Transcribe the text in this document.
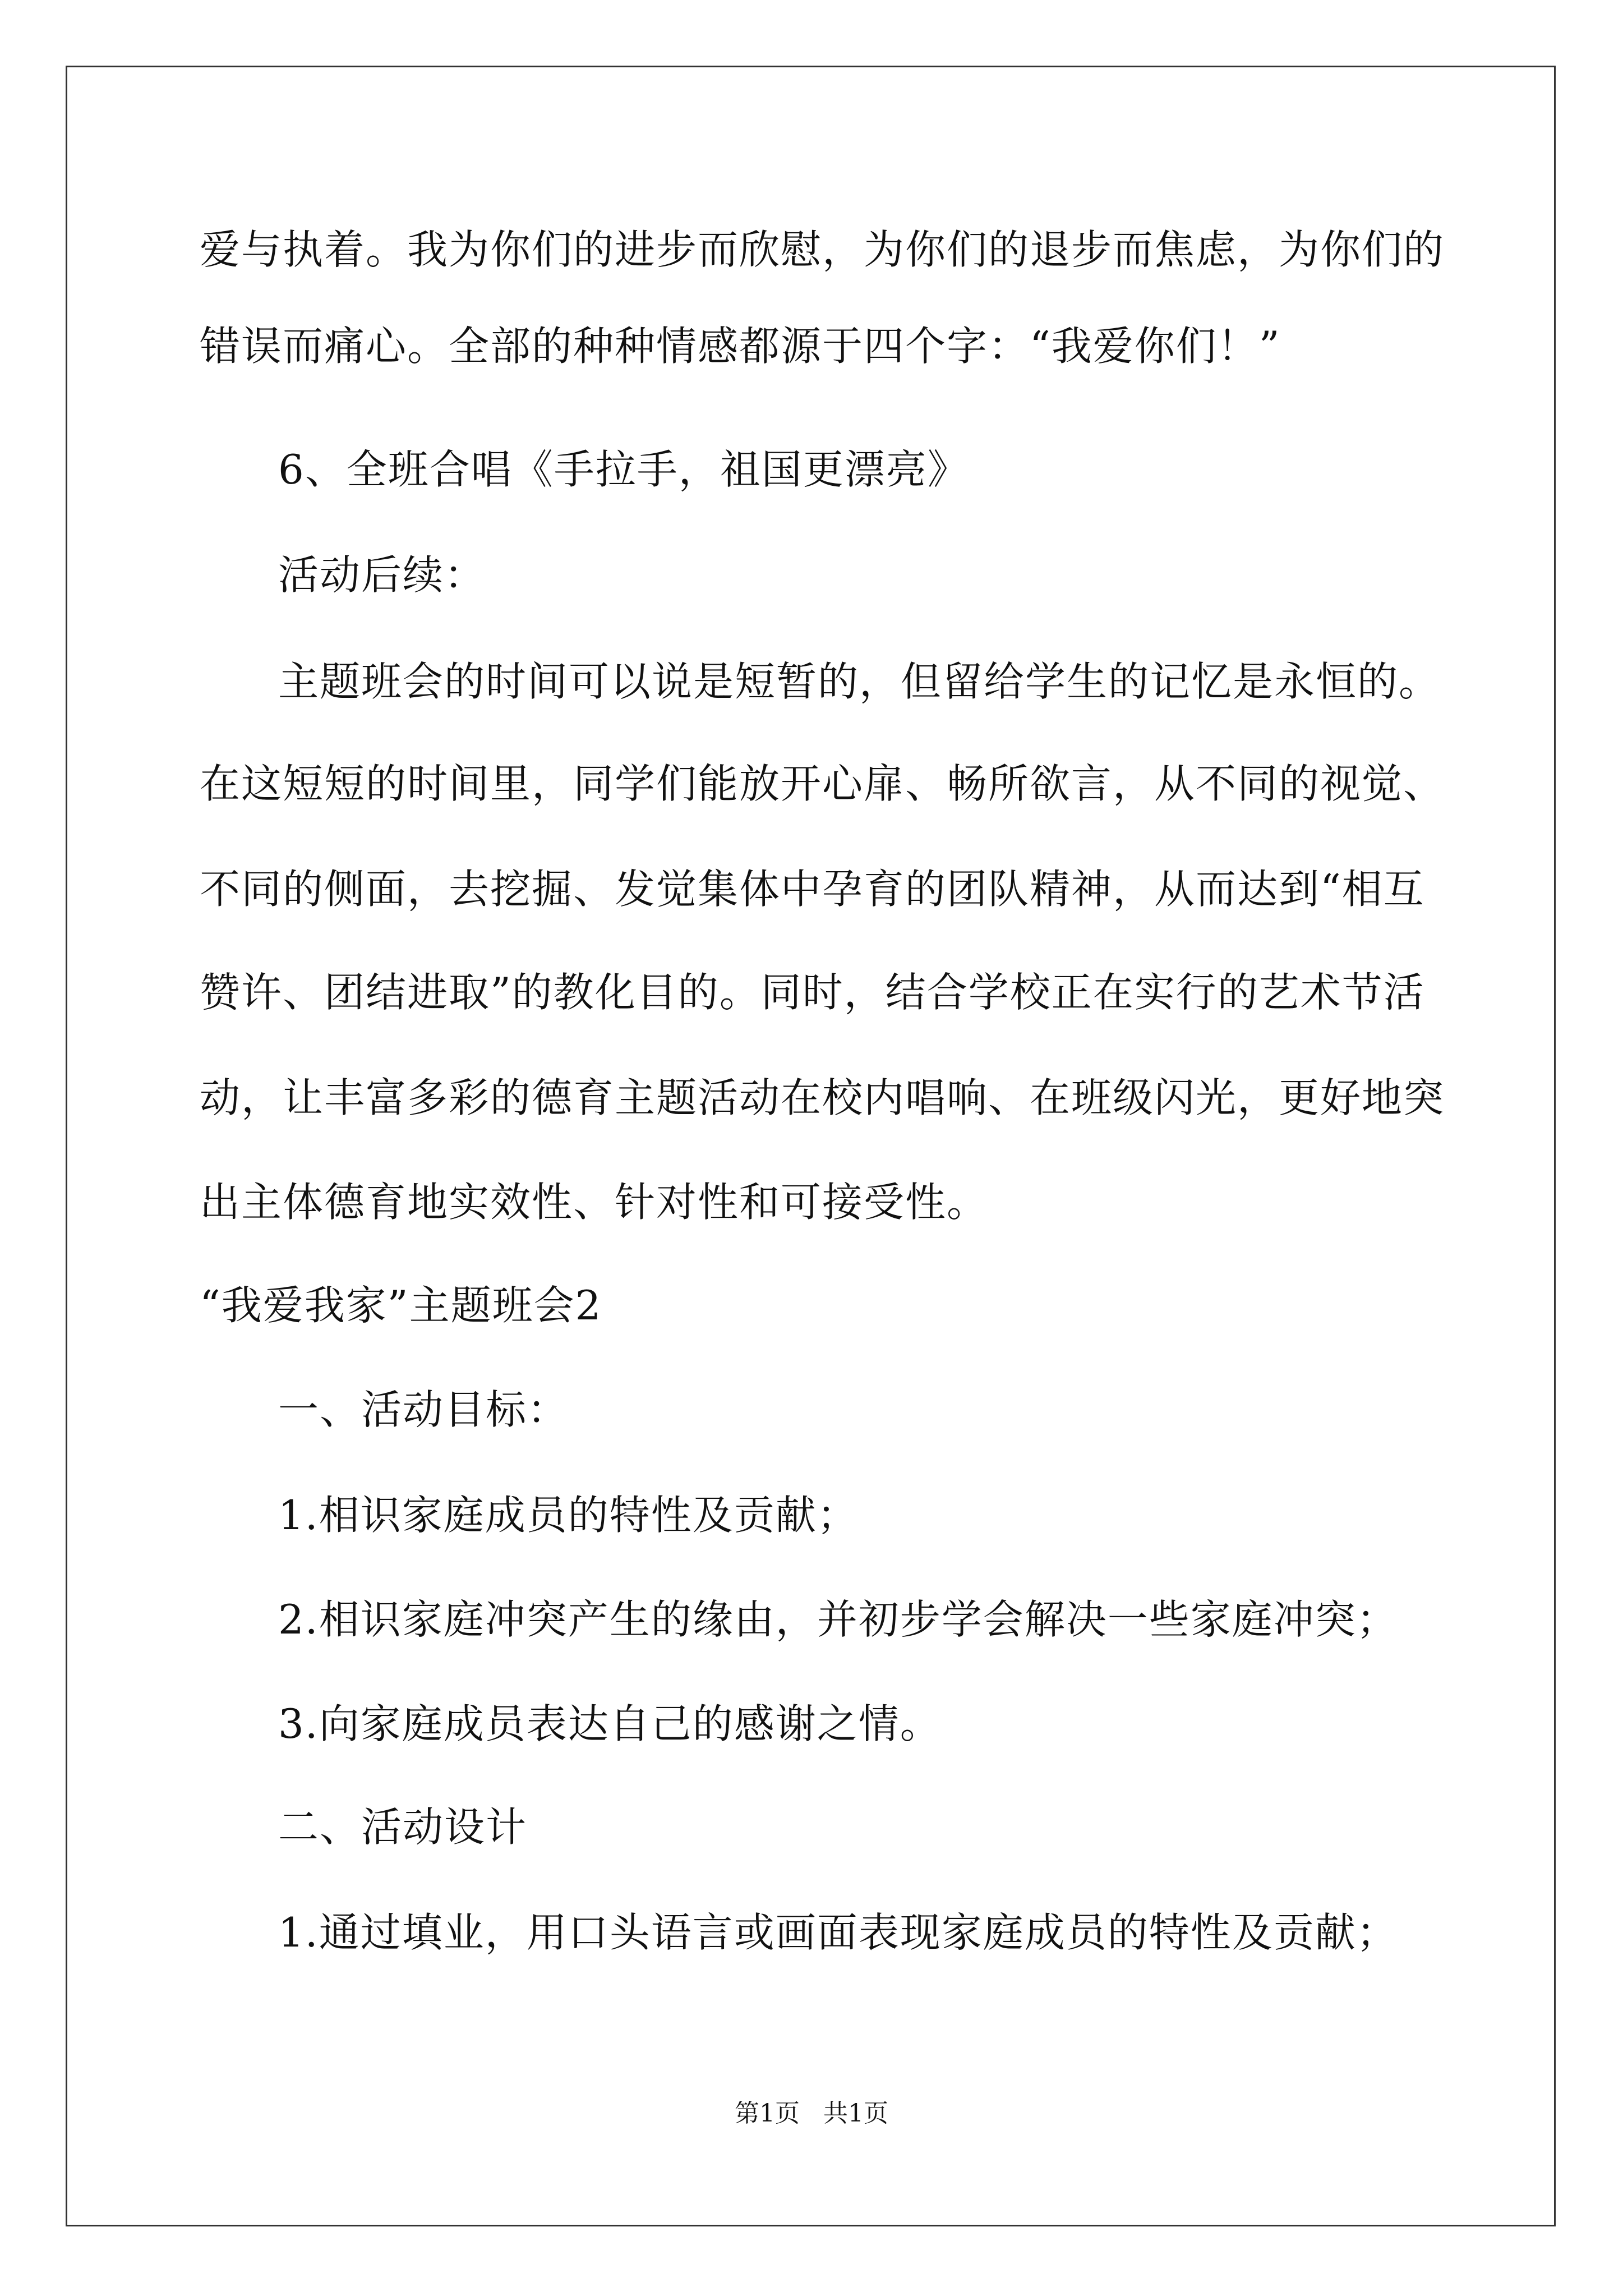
爱与执着。我为你们的进步而欣慰，为你们的退步而焦虑，为你们的
错误而痛心。全部的种种情感都源于四个字：“我爱你们！”
6、全班合唱《手拉手，祖国更漂亮》
活动后续：
主题班会的时间可以说是短暂的，但留给学生的记忆是永恒的。
在这短短的时间里，同学们能放开心扉、畅所欲言，从不同的视觉、
不同的侧面，去挖掘、发觉集体中孕育的团队精神，从而达到“相互
赞许、团结进取”的教化目的。同时，结合学校正在实行的艺术节活
动，让丰富多彩的德育主题活动在校内唱响、在班级闪光，更好地突
出主体德育地实效性、针对性和可接受性。
“我爱我家”主题班会2
一、活动目标：
1.相识家庭成员的特性及贡献；
2.相识家庭冲突产生的缘由，并初步学会解决一些家庭冲突；
3.向家庭成员表达自己的感谢之情。
二、活动设计
1.通过填业，用口头语言或画面表现家庭成员的特性及贡献；
第1页   共1页
